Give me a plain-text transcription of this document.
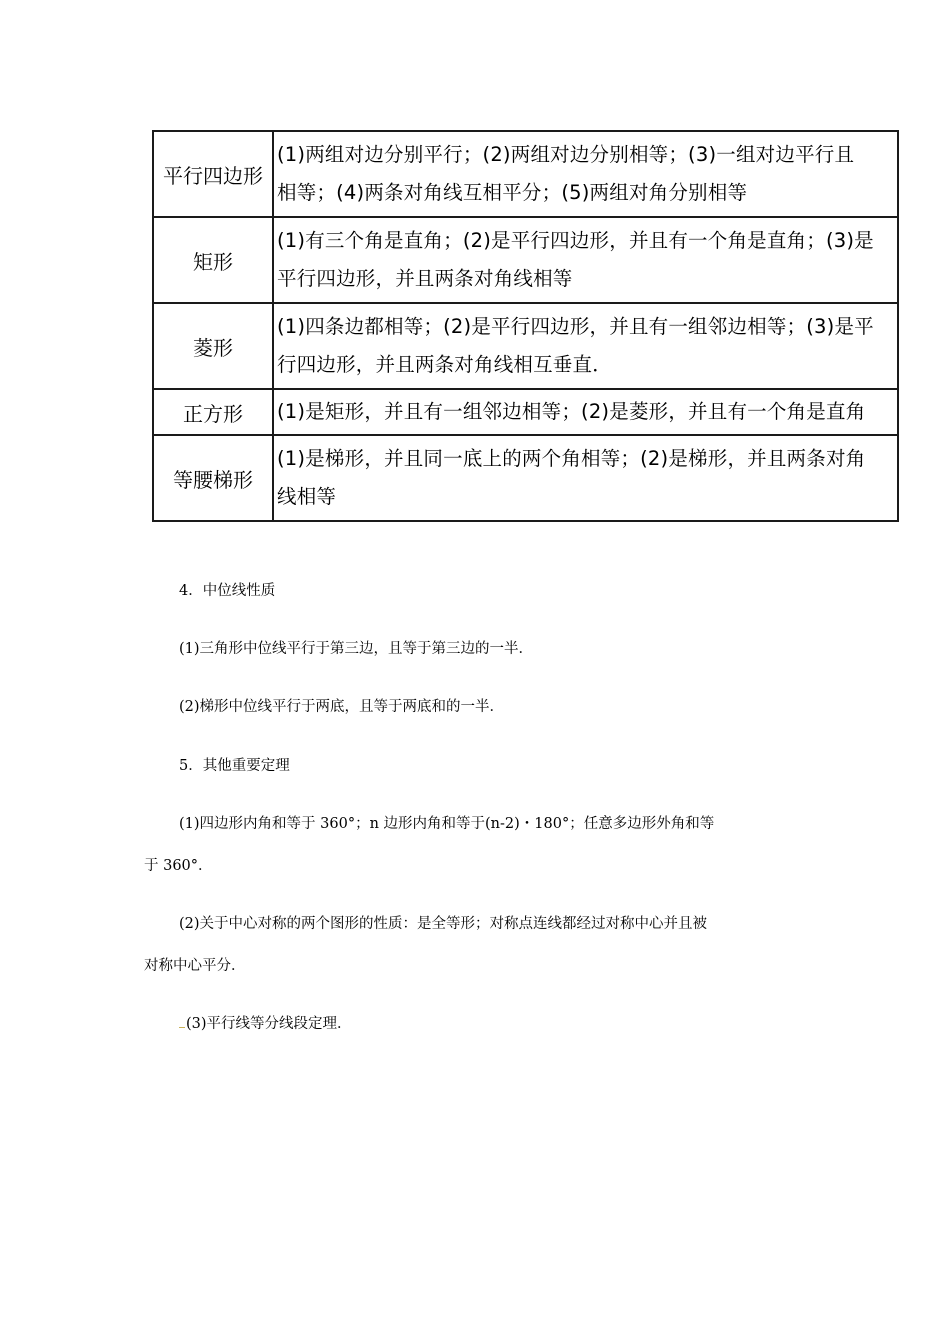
平行四边形	(1)两组对边分别平行；(2)两组对边分别相等；(3)一组对边平行且
相等；(4)两条对角线互相平分；(5)两组对角分别相等

矩形	(1)有三个角是直角；(2)是平行四边形，并且有一个角是直角；(3)是
平行四边形，并且两条对角线相等

菱形	(1)四条边都相等；(2)是平行四边形，并且有一组邻边相等；(3)是平
行四边形，并且两条对角线相互垂直．

正方形	(1)是矩形，并且有一组邻边相等；(2)是菱形，并且有一个角是直角

等腰梯形	(1)是梯形，并且同一底上的两个角相等；(2)是梯形，并且两条对角
线相等
4．中位线性质
(1)三角形中位线平行于第三边，且等于第三边的一半．
(2)梯形中位线平行于两底，且等于两底和的一半．
5．其他重要定理
(1)四边形内角和等于 360°；n 边形内角和等于(n-2)・180°；任意多边形外角和等
于 360°．
(2)关于中心对称的两个图形的性质：是全等形；对称点连线都经过对称中心并且被
对称中心平分．
(3)平行线等分线段定理．
